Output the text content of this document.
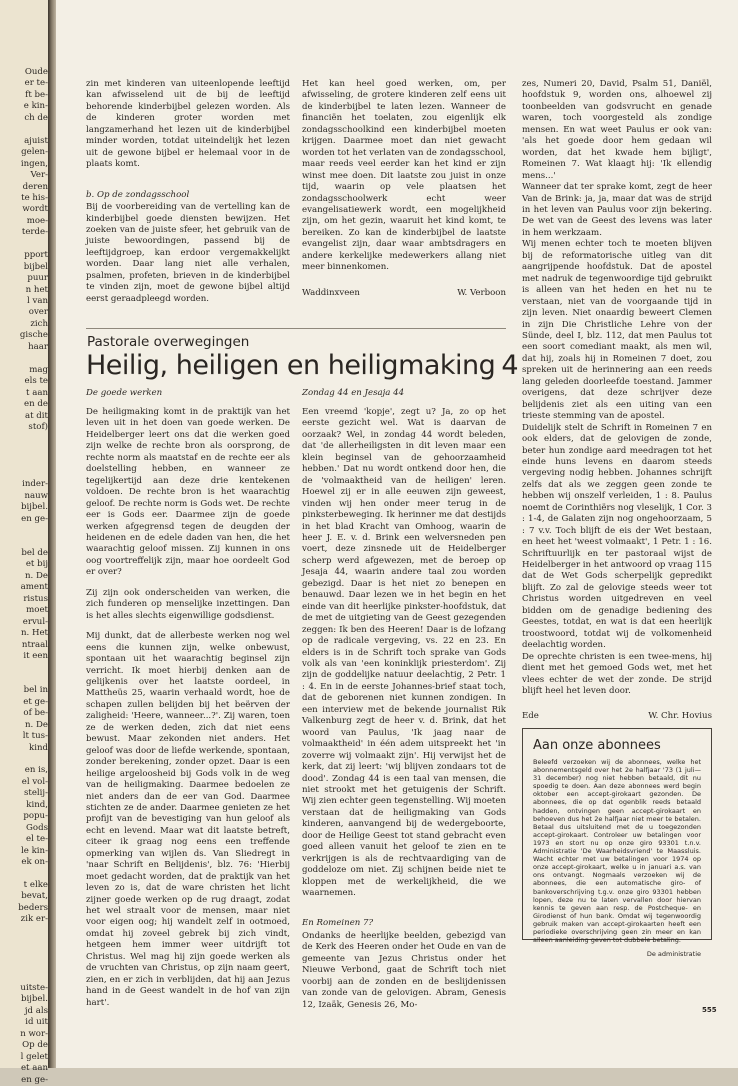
Oude
er te-
ft be-
e kin-
ch de
ajuist
gelen-
ingen,
Ver-
deren
te his-
wordt
moe-
terde-
pport
bijbel
puur
n het
l van
over
zich
gische
haar
mag
els te
t aan
en de
at dit
stof)
inder-
nauw
bijbel.
en ge-
bel de
et bij
n. De
ament
ristus
moet
ervul-
n. Het
ntraal
it een
bel in
et ge-
of be-
n. De
lt tus-
kind
en is,
el vol-
stelij-
kind,
popu-
Gods
el te-
le kin-
ek on-
t elke
bevat,
beders
zik er-
uitste-
bijbel.
jd als
id uit
n wor-
Op de
l gelet
et aan
en ge-

zin met kinderen van uiteenlopende leeftijd kan afwisselend uit de bij de leeftijd behorende kinderbijbel gelezen worden. Als de kinderen groter worden met langzamerhand het lezen uit de kinderbijbel minder worden, totdat uiteindelijk het lezen uit de gewone bijbel er helemaal voor in de plaats komt.

b. Op de zondagsschool

Bij de voorbereiding van de vertelling kan de kinderbijbel goede diensten bewijzen. Het zoeken van de juiste sfeer, het gebruik van de juiste bewoordingen, passend bij de leeftijdgroep, kan erdoor vergemakkelijkt worden. Daar lang niet alle verhalen, psalmen, profeten, brieven in de kinderbijbel te vinden zijn, moet de gewone bijbel altijd eerst geraadpleegd worden.

Het kan heel goed werken, om, per afwisseling, de grotere kinderen zelf eens uit de kinderbijbel te laten lezen. Wanneer de financiën het toelaten, zou eigenlijk elk zondagsschoolkind een kinderbijbel moeten krijgen. Daarmee moet dan niet gewacht worden tot het verlaten van de zondagsschool, maar reeds veel eerder kan het kind er zijn winst mee doen. Dit laatste zou juist in onze tijd, waarin op vele plaatsen het zondagsschoolwerk echt weer evangelisatiewerk wordt, een mogelijkheid zijn, om het gezin, waaruit het kind komt, te bereiken. Zo kan de kinderbijbel de laatste evangelist zijn, daar waar ambtsdragers en andere kerkelijke medewerkers allang niet meer binnenkomen.

Waddinxveen	W. Verboon
Pastorale overwegingen
Heilig, heiligen en heiligmaking 4
De goede werken	Zondag 44 en Jesaja 44

De heiligmaking komt in de praktijk van het leven uit in het doen van goede werken. De Heidelberger leert ons dat die werken goed zijn welke de rechte bron als oorsprong, de rechte norm als maatstaf en de rechte eer als doelstelling hebben, en wanneer ze tegelijkertijd aan deze drie kentekenen voldoen. De rechte bron is het waarachtig geloof. De rechte norm is Gods wet. De rechte eer is Gods eer. Daarmee zijn de goede werken afgegrensd tegen de deugden der heidenen en de edele daden van hen, die het waarachtig geloof missen. Zij kunnen in ons oog voortreffelijk zijn, maar hoe oordeelt God er over?

Zij zijn ook onderscheiden van werken, die zich funderen op menselijke inzettingen. Dan is het alles slechts eigenwillige godsdienst.

Mij dunkt, dat de allerbeste werken nog wel eens die kunnen zijn, welke onbewust, spontaan uit het waarachtig beginsel zijn verricht. Ik moet hierbij denken aan de gelijkenis over het laatste oordeel, in Mattheüs 25, waarin verhaald wordt, hoe de schapen zullen belijden bij het beërven der zaligheid: 'Heere, wanneer...?'. Zij waren, toen ze de werken deden, zich dat niet eens bewust. Maar zekonden niet anders. Het geloof was door de liefde werkende, spontaan, zonder berekening, zonder opzet. Daar is een heilige argeloosheid bij Gods volk in de weg van de heiligmaking. Daarmee bedoelen ze niet anders dan de eer van God. Daarmee stichten ze de ander. Daarmee genieten ze het profijt van de bevestiging van hun geloof als echt en levend. Maar wat dit laatste betreft, citeer ik graag nog eens een treffende opmerking van wijlen ds. Van Sliedregt in 'naar Schrift en Belijdenis', blz. 76: 'Hierbij moet gedacht worden, dat de praktijk van het leven zo is, dat de ware christen het licht zijner goede werken op de rug draagt, zodat het wel straalt voor de mensen, maar niet voor eigen oog; hij wandelt zelf in ootmoed, omdat hij zoveel gebrek bij zich vindt, hetgeen hem immer weer uitdrijft tot Christus. Wel mag hij zijn goede werken als de vruchten van Christus, op zijn naam geert, zien, en er zich in verblijden, dat hij aan Jezus hand in de Geest wandelt in de hof van zijn hart'.

Een vreemd 'kopje', zegt u? Ja, zo op het eerste gezicht wel. Wat is daarvan de oorzaak? Wel, in zondag 44 wordt beleden, dat 'de allerheiligsten in dit leven maar een klein beginsel van de gehoorzaamheid hebben.' Dat nu wordt ontkend door hen, die de 'volmaaktheid van de heiligen' leren. Hoewel zij er in alle eeuwen zijn geweest, vinden wij hen onder meer terug in de pinksterbeweging. Ik herinner me dat destijds in het blad Kracht van Omhoog, waarin de heer J. E. v. d. Brink een welversneden pen voert, deze zinsnede uit de Heidelberger scherp werd afgewezen, met de beroep op Jesaja 44, waarin andere taal zou worden gebezigd. Daar is het niet zo benepen en benauwd. Daar lezen we in het begin en het einde van dit heerlijke pinkster-hoofdstuk, dat de met de uitgieting van de Geest gezegenden zeggen: Ik ben des Heeren! Daar is de lofzang op de radicale vergeving, vs. 22 en 23. En elders is in de Schrift toch sprake van Gods volk als van 'een koninklijk priesterdom'. Zij zijn de goddelijke natuur deelachtig, 2 Petr. 1 : 4. En in de eerste Johannes-brief staat toch, dat de geborenen niet kunnen zondigen. In een interview met de bekende journalist Rik Valkenburg zegt de heer v. d. Brink, dat het woord van Paulus, 'Ik jaag naar de volmaaktheid' in één adem uitspreekt het 'in zoverre wij volmaakt zijn'. Hij verwijst het de kerk, dat zij leert: 'wij blijven zondaars tot de dood'. Zondag 44 is een taal van mensen, die niet strookt met het getuigenis der Schrift. Wij zien echter geen tegenstelling. Wij moeten verstaan dat de heiligmaking van Gods kinderen, aanvangend bij de wedergeboorte, door de Heilige Geest tot stand gebracht even goed alleen vanuit het geloof te zien en te verkrijgen is als de rechtvaardiging van de goddeloze om niet. Zij schijnen beide niet te kloppen met de werkelijkheid, die we waarnemen.

En Romeinen 7?

Ondanks de heerlijke beelden, gebezigd van de Kerk des Heeren onder het Oude en van de gemeente van Jezus Christus onder het Nieuwe Verbond, gaat de Schrift toch niet voorbij aan de zonden en de beslijdenissen van zonde van de gelovigen. Abram, Genesis 12, Izaäk, Genesis 26, Mo-

zes, Numeri 20, David, Psalm 51, Daniël, hoofdstuk 9, worden ons, alhoewel zij toonbeelden van godsvrucht en genade waren, toch voorgesteld als zondige mensen. En wat weet Paulus er ook van: 'als het goede door hem gedaan wil worden, dat het kwade hem bijligt', Romeinen 7. Wat klaagt hij: 'Ik ellendig mens...'

Wanneer dat ter sprake komt, zegt de heer Van de Brink: ja, ja, maar dat was de strijd in het leven van Paulus voor zijn bekering. De wet van de Geest des levens was later in hem werkzaam.

Wij menen echter toch te moeten blijven bij de reformatorische uitleg van dit aangrijpende hoofdstuk. Dat de apostel met nadruk de tegenwoordige tijd gebruikt is alleen van het heden en het nu te verstaan, niet van de voorgaande tijd in zijn leven. Niet onaardig beweert Clemen in zijn Die Christliche Lehre von der Sünde, deel I, blz. 112, dat men Paulus tot een soort comediant maakt, als men wil, dat hij, zoals hij in Romeinen 7 doet, zou spreken uit de herinnering aan een reeds lang geleden doorleefde toestand. Jammer overigens, dat deze schrijver deze belijdenis ziet als een uiting van een trieste stemming van de apostel.

Duidelijk stelt de Schrift in Romeinen 7 en ook elders, dat de gelovigen de zonde, beter hun zondige aard meedragen tot het einde huns levens en daarom steeds vergeving nodig hebben. Johannes schrijft zelfs dat als we zeggen geen zonde te hebben wij onszelf verleiden, 1 : 8. Paulus noemt de Corinthiërs nog vleselijk, 1 Cor. 3 : 1-4, de Galaten zijn nog ongehoorzaam, 5 : 7 v.v. Toch blijft de eis der Wet bestaan, en heet het 'weest volmaakt', 1 Petr. 1 : 16. Schriftuurlijk en ter pastoraal wijst de Heidelberger in het antwoord op vraag 115 dat de Wet Gods scherpelijk gepredikt blijft. Zo zal de gelovige steeds weer tot Christus worden uitgedreven en veel bidden om de genadige bediening des Geestes, totdat, en wat is dat een heerlijk troostwoord, totdat wij de volkomenheid deelachtig worden.

De oprechte christen is een twee-mens, hij dient met het gemoed Gods wet, met het vlees echter de wet der zonde. De strijd blijft heel het leven door.

Ede	W. Chr. Hovius
Aan onze abonnees
Beleefd verzoeken wij de abonnees, welke het abonnementsgeld over het 2e halfjaar '73 (1 juli—31 december) nog niet hebben betaald, dit nu spoedig te doen. Aan deze abonnees werd begin oktober een accept-girokaart gezonden. De abonnees, die op dat ogenblik reeds betaald hadden, ontvingen geen accept-girokaart en behoeven dus het 2e halfjaar niet meer te betalen. Betaal dus uitsluitend met de u toegezonden accept-girokaart. Controleer uw betalingen voor 1973 en stort nu op onze giro 93301 t.n.v. Administratie 'De Waarheidsvriend' te Maassluis. Wacht echter met uw betalingen voor 1974 op onze accept-girokaart, welke u in januari a.s. van ons ontvangt. Nogmaals verzoeken wij de abonnees, die een automatische giro- of bankoverschrijving t.g.v. onze giro 93301 hebben lopen, deze nu te laten vervallen door hiervan kennis te geven aan resp. de Postcheque- en Girodienst of hun bank. Omdat wij tegenwoordig gebruik maken van accept-girokaarten heeft een periodieke overschrijving geen zin meer en kan alleen aanleiding geven tot dubbele betaling.
De administratie
555
